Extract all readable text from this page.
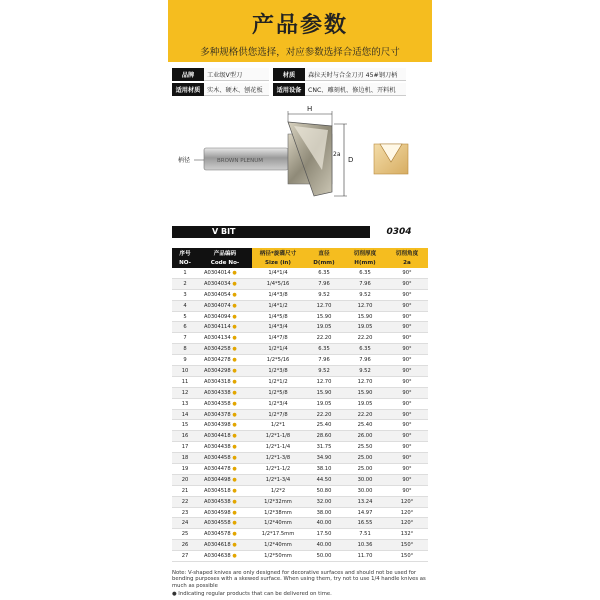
产品参数
多种规格供您选择，对应参数选择合适您的尺寸
品牌	工业级V型刀	材质	森拉天时与合金刀刃 45#钢刀柄
适用材质	实木、硬木、刨花板	适用设备	CNC、雕刻机、修边机、开料机
BROWN PLENUM
H
D
2a
柄径
V BIT	0304
序号	产品编码	柄径*旋碟尺寸	直径	切削厚度	切削角度
NO-	Code No-	Size (in)	D(mm)	H(mm)	2a
1	A0304014 ●	1/4*1/4	6.35	6.35	90°
2	A0304034 ●	1/4*5/16	7.96	7.96	90°
3	A0304054 ●	1/4*3/8	9.52	9.52	90°
4	A0304074 ●	1/4*1/2	12.70	12.70	90°
5	A0304094 ●	1/4*5/8	15.90	15.90	90°
6	A0304114 ●	1/4*3/4	19.05	19.05	90°
7	A0304134 ●	1/4*7/8	22.20	22.20	90°
8	A0304258 ●	1/2*1/4	6.35	6.35	90°
9	A0304278 ●	1/2*5/16	7.96	7.96	90°
10	A0304298 ●	1/2*3/8	9.52	9.52	90°
11	A0304318 ●	1/2*1/2	12.70	12.70	90°
12	A0304338 ●	1/2*5/8	15.90	15.90	90°
13	A0304358 ●	1/2*3/4	19.05	19.05	90°
14	A0304378 ●	1/2*7/8	22.20	22.20	90°
15	A0304398 ●	1/2*1	25.40	25.40	90°
16	A0304418 ●	1/2*1-1/8	28.60	26.00	90°
17	A0304438 ●	1/2*1-1/4	31.75	25.50	90°
18	A0304458 ●	1/2*1-3/8	34.90	25.00	90°
19	A0304478 ●	1/2*1-1/2	38.10	25.00	90°
20	A0304498 ●	1/2*1-3/4	44.50	30.00	90°
21	A0304518 ●	1/2*2	50.80	30.00	90°
22	A0304538 ●	1/2*32mm	32.00	13.24	120°
23	A0304598 ●	1/2*38mm	38.00	14.97	120°
24	A0304558 ●	1/2*40mm	40.00	16.55	120°
25	A0304578 ●	1/2*17.5mm	17.50	7.51	132°
26	A0304618 ●	1/2*40mm	40.00	10.36	150°
27	A0304638 ●	1/2*50mm	50.00	11.70	150°
Note: V-shaped knives are only designed for decorative surfaces and should not be used for bending purposes with a skewed surface. When using them, try not to use 1/4 handle knives as much as possible
● Indicating regular products that can be delivered on time.
